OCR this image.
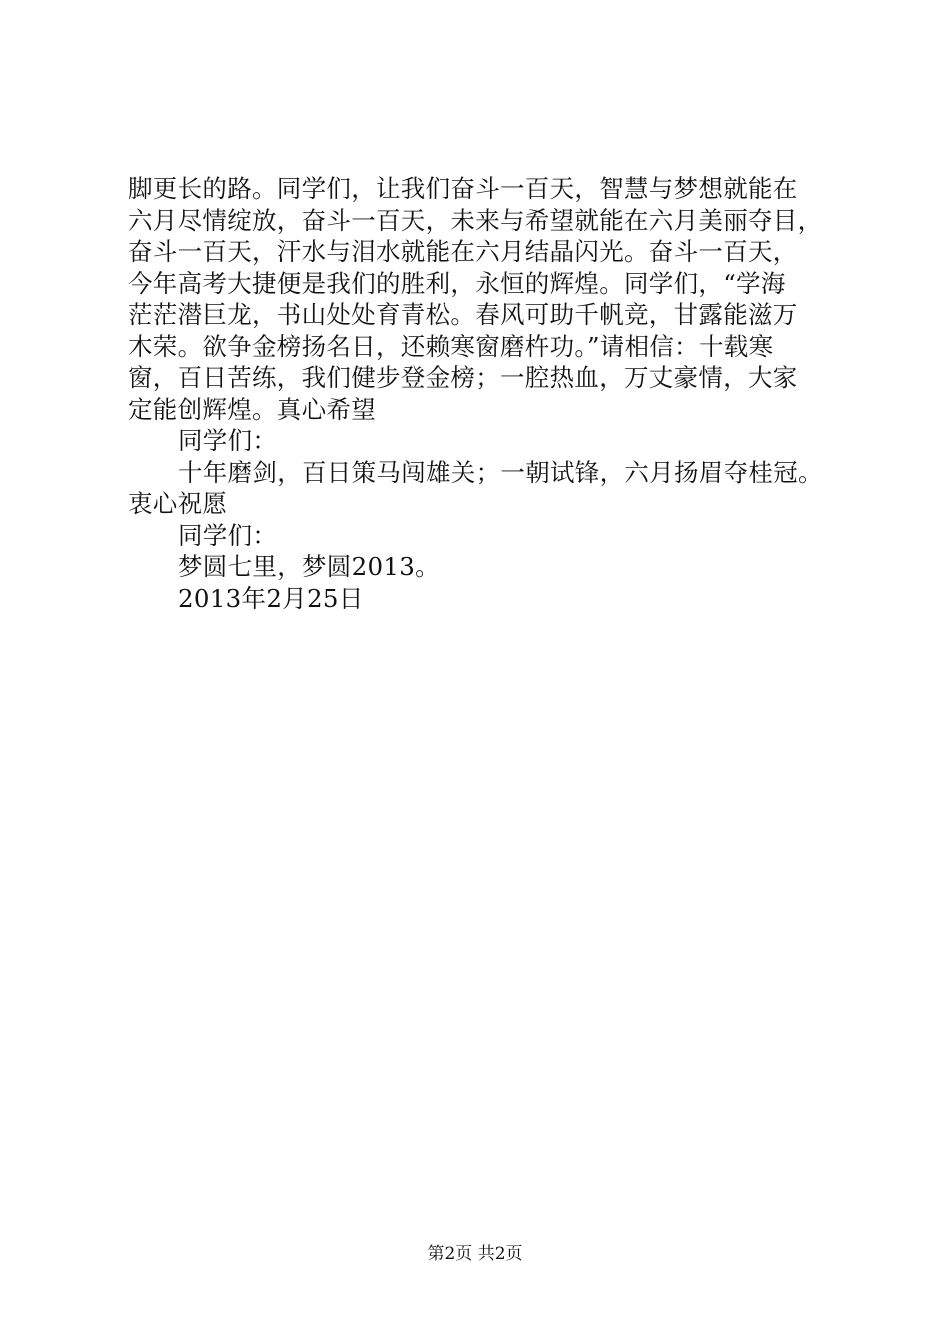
脚更长的路。同学们，让我们奋斗一百天，智慧与梦想就能在
六月尽情绽放，奋斗一百天，未来与希望就能在六月美丽夺目，
奋斗一百天，汗水与泪水就能在六月结晶闪光。奋斗一百天，
今年高考大捷便是我们的胜利，永恒的辉煌。同学们，“学海
茫茫潜巨龙，书山处处育青松。春风可助千帆竞，甘露能滋万
木荣。欲争金榜扬名日，还赖寒窗磨杵功。”请相信：十载寒
窗，百日苦练，我们健步登金榜；一腔热血，万丈豪情，大家
定能创辉煌。真心希望
同学们：
十年磨剑，百日策马闯雄关；一朝试锋，六月扬眉夺桂冠。
衷心祝愿
同学们：
梦圆七里，梦圆2013。
2013年2月25日
第2页 共2页
